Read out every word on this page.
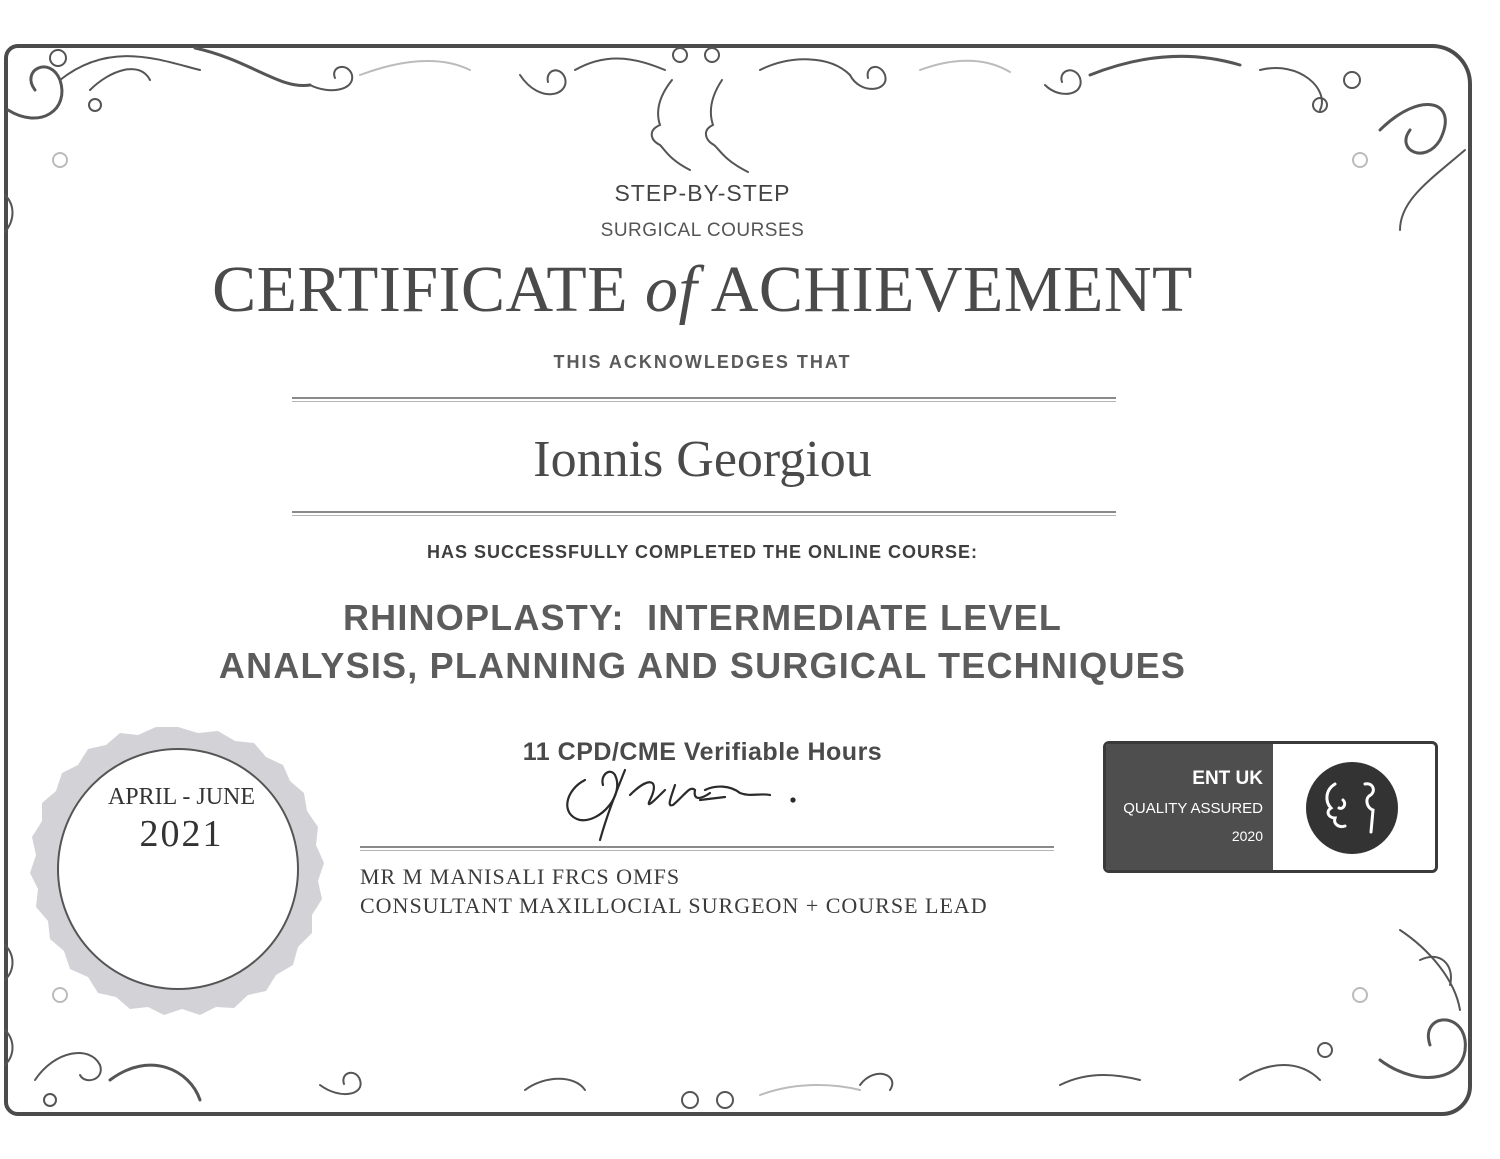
STEP-BY-STEP
SURGICAL COURSES
CERTIFICATE of ACHIEVEMENT
THIS ACKNOWLEDGES THAT
Ionnis Georgiou
HAS SUCCESSFULLY COMPLETED THE ONLINE COURSE:
RHINOPLASTY:  INTERMEDIATE LEVEL
ANALYSIS, PLANNING AND SURGICAL TECHNIQUES
11 CPD/CME Verifiable Hours
MR M MANISALI FRCS OMFS
CONSULTANT MAXILLOCIAL SURGEON + COURSE LEAD
APRIL - JUNE
2021
ENT UK
QUALITY ASSURED
2020
